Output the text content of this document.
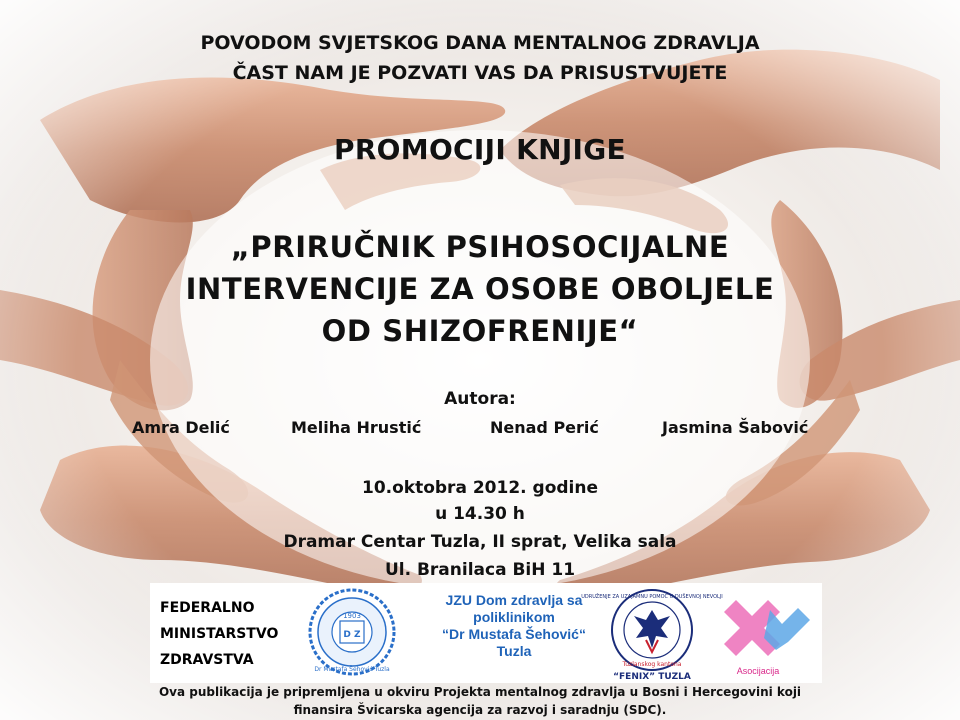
POVODOM SVJETSKOG DANA MENTALNOG ZDRAVLJA
ČAST NAM JE POZVATI VAS DA PRISUSTVUJETE
PROMOCIJI KNJIGE
„PRIRUČNIK PSIHOSOCIJALNE
INTERVENCIJE ZA OSOBE OBOLJELE
OD SHIZOFRENIJE“
Autora:
Amra Delić	Meliha Hrustić	Nenad Perić	Jasmina Šabović
10.oktobra 2012. godine
u 14.30 h
Dramar Centar Tuzla, II sprat, Velika sala
Ul. Branilaca BiH 11
FEDERALNO
MINISTARSTVO
ZDRAVSTVA
1903
D Z
Dr Mustafa Šehović Tuzla
JZU Dom zdravlja sa
poliklinikom
“Dr Mustafa Šehović“
Tuzla
UDRUŽENJE ZA UZAJAMNU POMOĆ U DUŠEVNOJ NEVOLJI
Tuzlanskog kantona
“FENIX” TUZLA
Asocijacija
Ova publikacija je pripremljena u okviru Projekta mentalnog zdravlja u Bosni i Hercegovini koji
finansira Švicarska agencija za razvoj i saradnju (SDC).
